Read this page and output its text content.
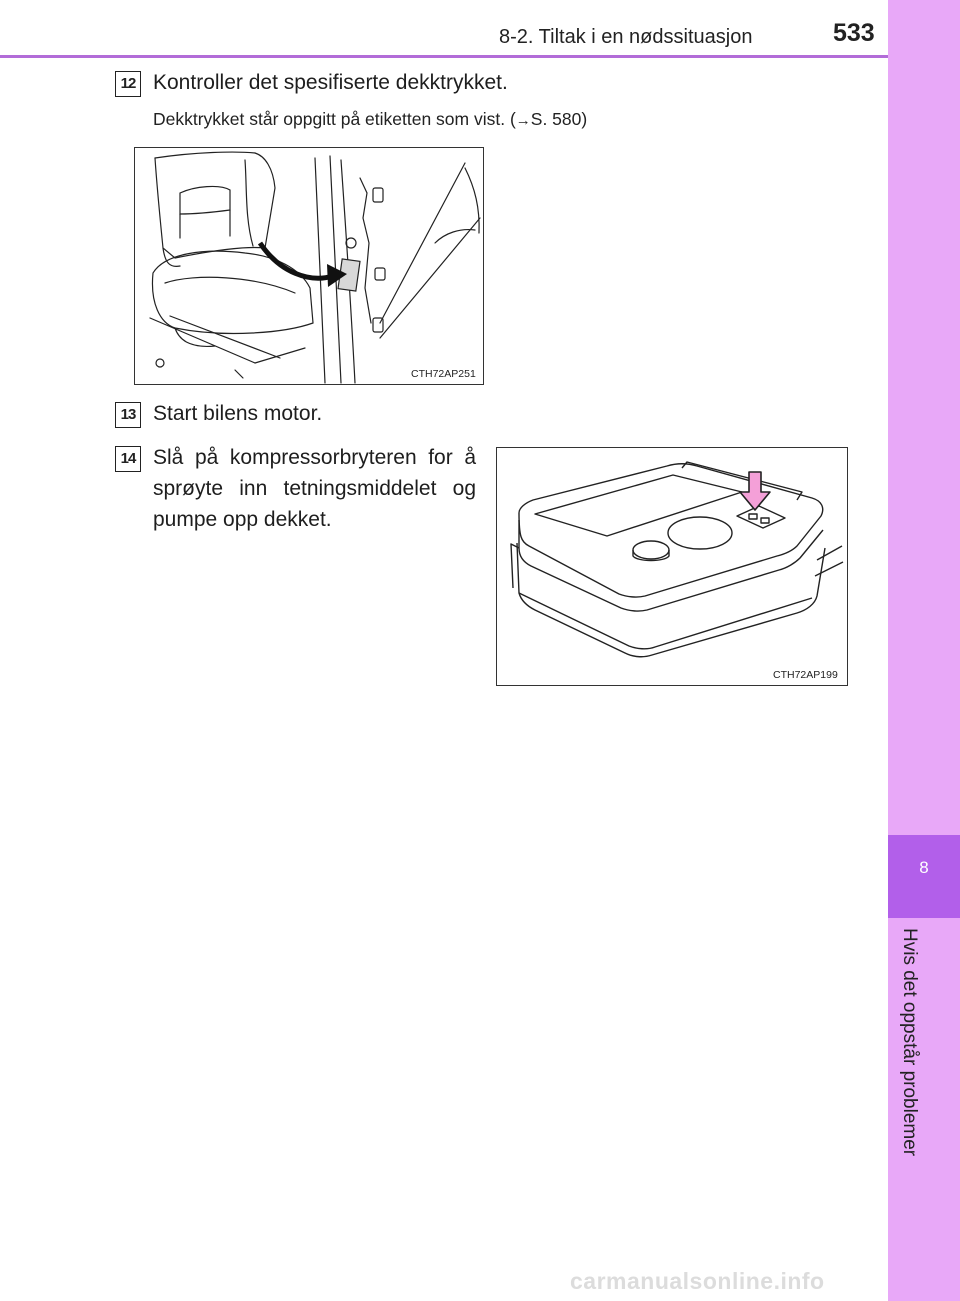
8-2. Tiltak i en nødssituasjon	533
8
Hvis det oppstår problemer
12 Kontroller det spesifiserte dekktrykket.
Dekktrykket står oppgitt på etiketten som vist. (→S. 580)
CTH72AP251
13 Start bilens motor.
14 Slå på kompressorbryteren for å sprøyte inn tetningsmiddelet og pumpe opp dekket.
CTH72AP199
carmanualsonline.info
